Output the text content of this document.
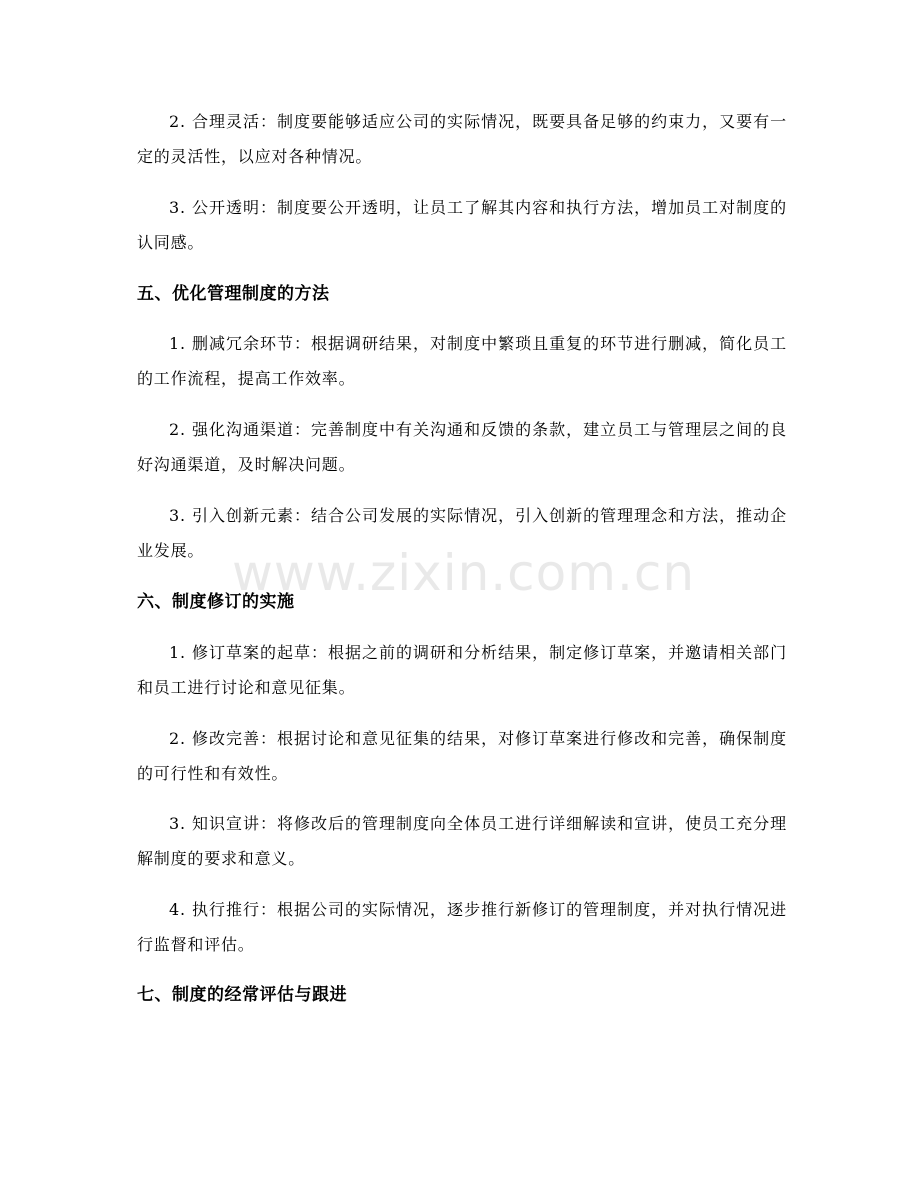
2. 合理灵活：制度要能够适应公司的实际情况，既要具备足够的约束力，又要有一定的灵活性，以应对各种情况。

3. 公开透明：制度要公开透明，让员工了解其内容和执行方法，增加员工对制度的认同感。

五、优化管理制度的方法

1. 删减冗余环节：根据调研结果，对制度中繁琐且重复的环节进行删减，简化员工的工作流程，提高工作效率。

2. 强化沟通渠道：完善制度中有关沟通和反馈的条款，建立员工与管理层之间的良好沟通渠道，及时解决问题。

3. 引入创新元素：结合公司发展的实际情况，引入创新的管理理念和方法，推动企业发展。

六、制度修订的实施

1. 修订草案的起草：根据之前的调研和分析结果，制定修订草案，并邀请相关部门和员工进行讨论和意见征集。

2. 修改完善：根据讨论和意见征集的结果，对修订草案进行修改和完善，确保制度的可行性和有效性。

3. 知识宣讲：将修改后的管理制度向全体员工进行详细解读和宣讲，使员工充分理解制度的要求和意义。

4. 执行推行：根据公司的实际情况，逐步推行新修订的管理制度，并对执行情况进行监督和评估。

七、制度的经常评估与跟进
www.zixin.com.cn
